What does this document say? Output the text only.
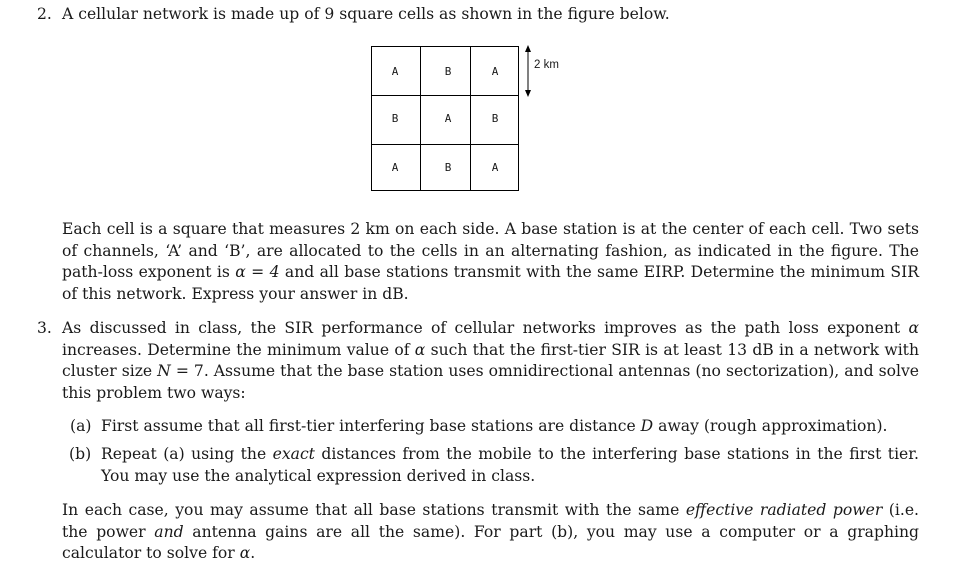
2. A cellular network is made up of 9 square cells as shown in the figure below.
A	B	A
B	A	B
A	B	A
2 km
Each cell is a square that measures 2 km on each side. A base station is at the center of each cell. Two sets of channels, ‘A’ and ‘B’, are allocated to the cells in an alternating fashion, as indicated in the figure. The path-loss exponent is α = 4 and all base stations transmit with the same EIRP. Determine the minimum SIR of this network. Express your answer in dB.
3. As discussed in class, the SIR performance of cellular networks improves as the path loss exponent α increases. Determine the minimum value of α such that the first-tier SIR is at least 13 dB in a network with cluster size N = 7. Assume that the base station uses omnidirectional antennas (no sectorization), and solve this problem two ways:
(a) First assume that all first-tier interfering base stations are distance D away (rough approximation).
(b) Repeat (a) using the exact distances from the mobile to the interfering base stations in the first tier. You may use the analytical expression derived in class.
In each case, you may assume that all base stations transmit with the same effective radiated power (i.e. the power and antenna gains are all the same). For part (b), you may use a computer or a graphing calculator to solve for α.
